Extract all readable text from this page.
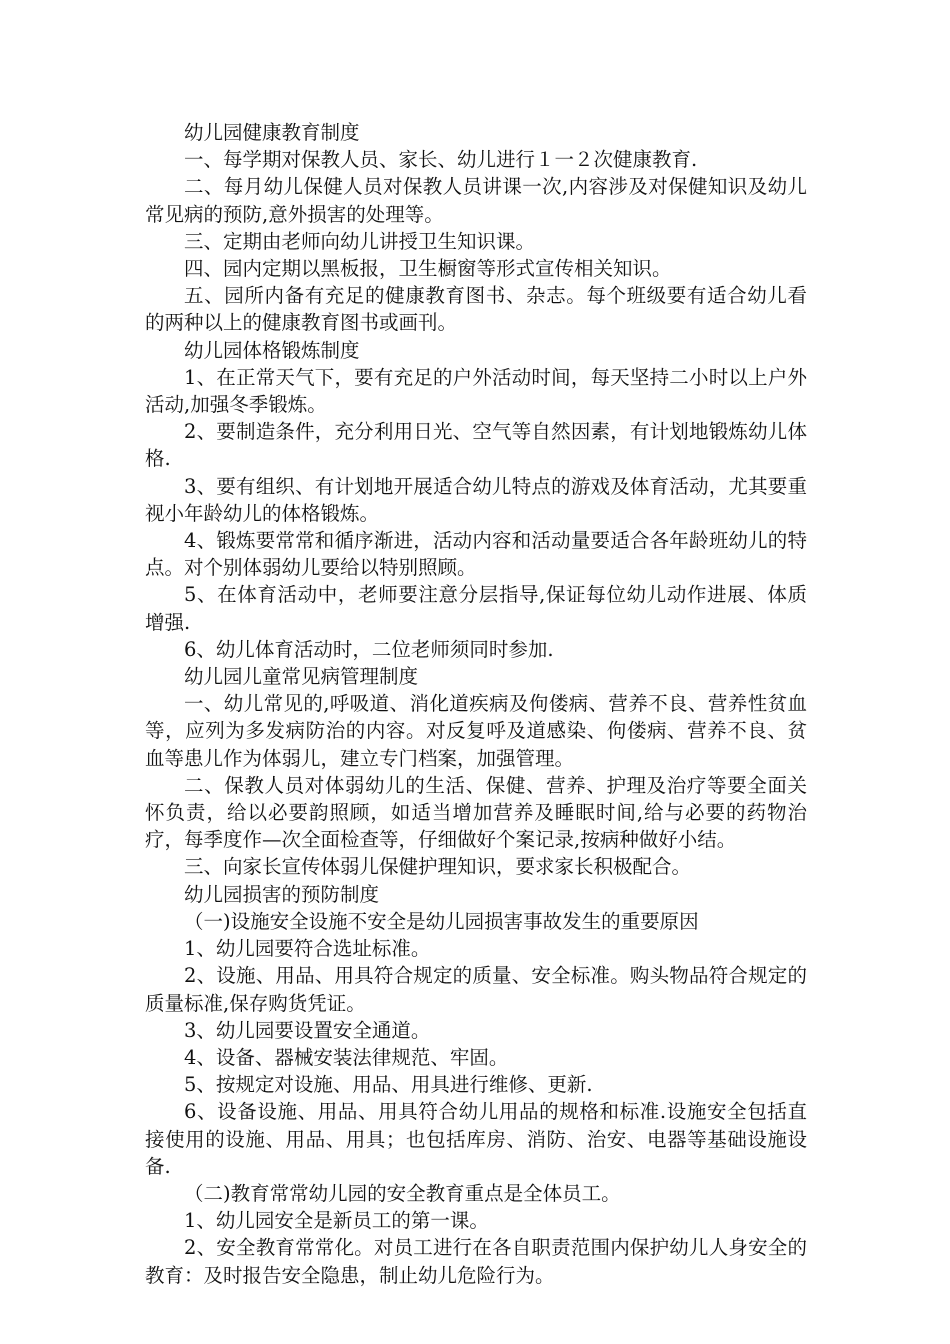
幼儿园健康教育制度

一、每学期对保教人员、家长、幼儿进行１一２次健康教育.

二、每月幼儿保健人员对保教人员讲课一次,内容涉及对保健知识及幼儿常见病的预防,意外损害的处理等。

三、定期由老师向幼儿讲授卫生知识课。

四、园内定期以黑板报，卫生橱窗等形式宣传相关知识。

五、园所内备有充足的健康教育图书、杂志。每个班级要有适合幼儿看的两种以上的健康教育图书或画刊。

幼儿园体格锻炼制度

1、在正常天气下，要有充足的户外活动时间，每天坚持二小时以上户外活动,加强冬季锻炼。

2、要制造条件，充分利用日光、空气等自然因素，有计划地锻炼幼儿体格.

3、要有组织、有计划地开展适合幼儿特点的游戏及体育活动，尤其要重视小年龄幼儿的体格锻炼。

4、锻炼要常常和循序渐进，活动内容和活动量要适合各年龄班幼儿的特点。对个别体弱幼儿要给以特别照顾。

5、在体育活动中，老师要注意分层指导,保证每位幼儿动作进展、体质增强.

6、幼儿体育活动时，二位老师须同时参加.

幼儿园儿童常见病管理制度

一、幼儿常见的,呼吸道、消化道疾病及佝偻病、营养不良、营养性贫血等，应列为多发病防治的内容。对反复呼及道感染、佝偻病、营养不良、贫血等患儿作为体弱儿，建立专门档案，加强管理。

二、保教人员对体弱幼儿的生活、保健、营养、护理及治疗等要全面关怀负责，给以必要韵照顾，如适当增加营养及睡眠时间,给与必要的药物治疗，每季度作—次全面检查等，仔细做好个案记录,按病种做好小结。

三、向家长宣传体弱儿保健护理知识，要求家长积极配合。

幼儿园损害的预防制度

（一)设施安全设施不安全是幼儿园损害事故发生的重要原因

1、幼儿园要符合选址标准。

2、设施、用品、用具符合规定的质量、安全标准。购头物品符合规定的质量标准,保存购货凭证。

3、幼儿园要设置安全通道。

4、设备、器械安装法律规范、牢固。

5、按规定对设施、用品、用具进行维修、更新.

6、设备设施、用品、用具符合幼儿用品的规格和标准.设施安全包括直接使用的设施、用品、用具；也包括库房、消防、治安、电器等基础设施设备.

（二)教育常常幼儿园的安全教育重点是全体员工。

1、幼儿园安全是新员工的第一课。

2、安全教育常常化。对员工进行在各自职责范围内保护幼儿人身安全的教育：及时报告安全隐患，制止幼儿危险行为。
